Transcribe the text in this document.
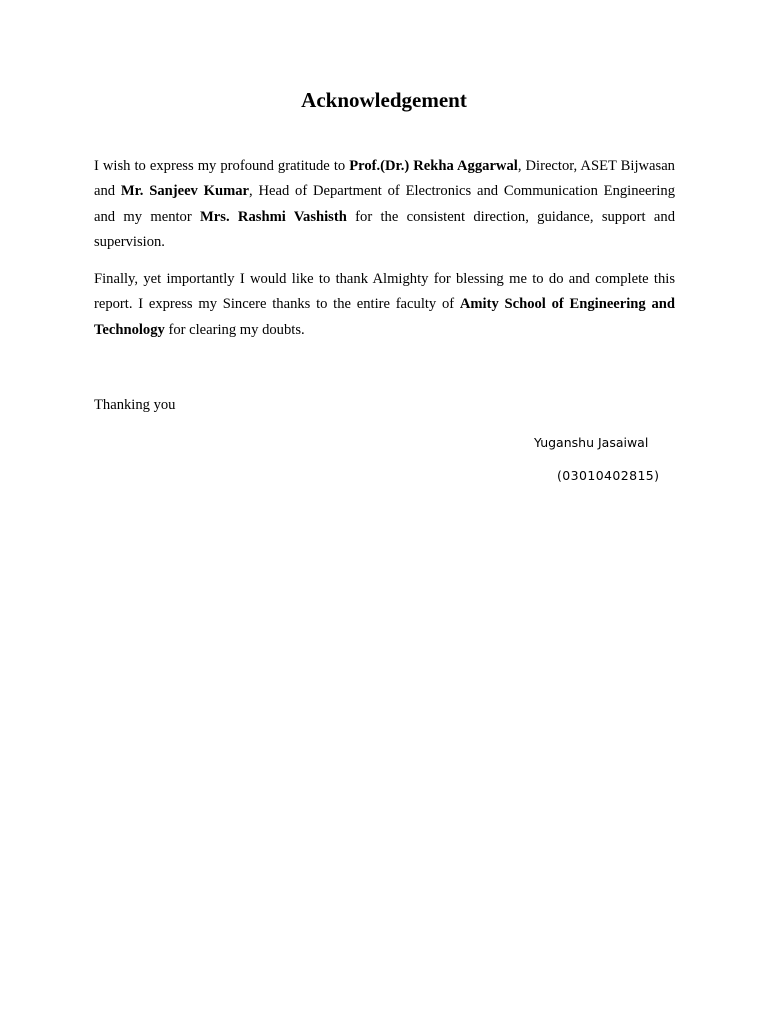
Acknowledgement

I wish to express my profound gratitude to Prof.(Dr.) Rekha Aggarwal, Director, ASET Bijwasan and Mr. Sanjeev Kumar, Head of Department of Electronics and Communication Engineering and my mentor Mrs. Rashmi Vashisth for the consistent direction, guidance, support and supervision.

Finally, yet importantly I would like to thank Almighty for blessing me to do and complete this report. I express my Sincere thanks to the entire faculty of Amity School of Engineering and Technology for clearing my doubts.

Thanking you

Yuganshu Jasaiwal

(03010402815)
